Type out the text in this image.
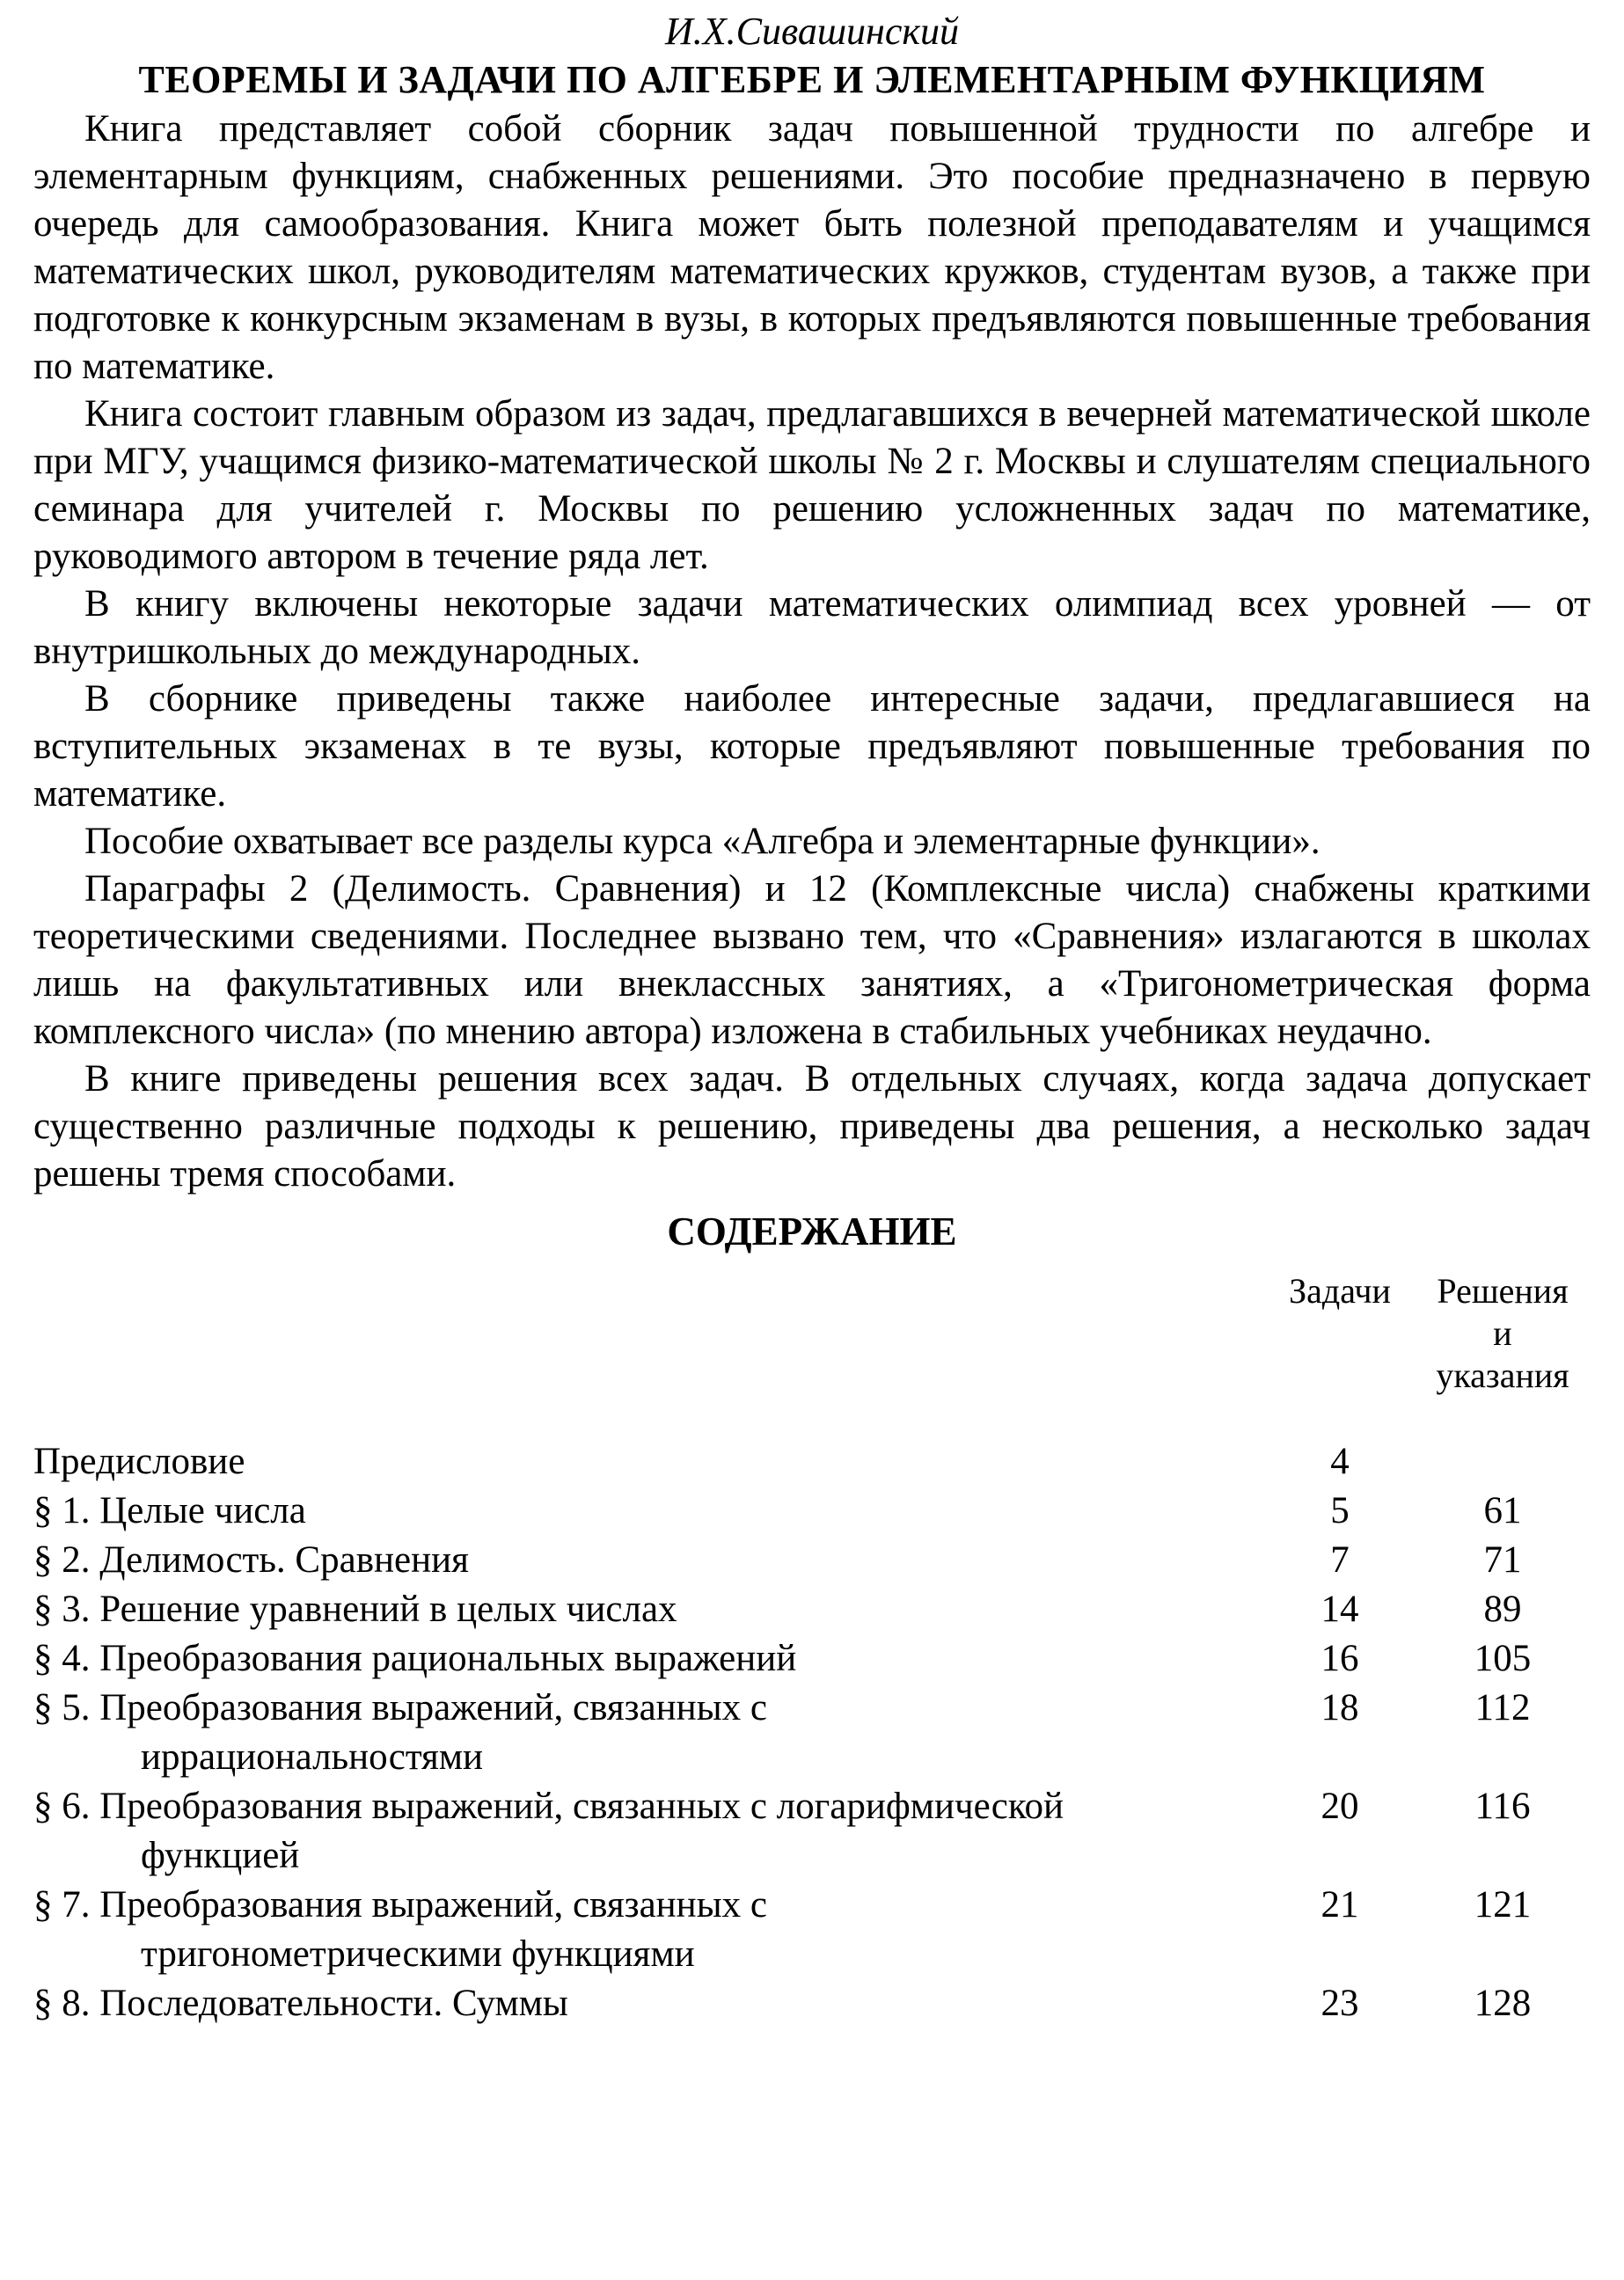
И.Х.Сивашинский
ТЕОРЕМЫ И ЗАДАЧИ ПО АЛГЕБРЕ И ЭЛЕМЕНТАРНЫМ ФУНКЦИЯМ

Книга представляет собой сборник задач повышенной трудности по алгебре и элементарным функциям, снабженных решениями. Это пособие предназначено в первую очередь для самообразования. Книга может быть полезной преподавателям и учащимся математических школ, руководителям математических кружков, студентам вузов, а также при подготовке к конкурсным экзаменам в вузы, в которых предъявляются повышенные требования по математике.

Книга состоит главным образом из задач, предлагавшихся в вечерней математической школе при МГУ, учащимся физико-математической школы № 2 г. Москвы и слушателям специального семинара для учителей г. Москвы по решению усложненных задач по математике, руководимого автором в течение ряда лет.

В книгу включены некоторые задачи математических олимпиад всех уровней — от внутришкольных до международных.

В сборнике приведены также наиболее интересные задачи, предлагавшиеся на вступительных экзаменах в те вузы, которые предъявляют повышенные требования по математике.

Пособие охватывает все разделы курса «Алгебра и элементарные функции».

Параграфы 2 (Делимость. Сравнения) и 12 (Комплексные числа) снабжены краткими теоретическими сведениями. Последнее вызвано тем, что «Сравнения» излагаются в школах лишь на факультативных или внеклассных занятиях, а «Тригонометрическая форма комплексного числа» (по мнению автора) изложена в стабильных учебниках неудачно.

В книге приведены решения всех задач. В отдельных случаях, когда задача допускает существенно различные подходы к решению, приведены два решения, а несколько задач решены тремя способами.

СОДЕРЖАНИЕ
Задачи	Решения
и
указания
Предисловие	4
§ 1. Целые числа	5	61
§ 2. Делимость. Сравнения	7	71
§ 3. Решение уравнений в целых числах	14	89
§ 4. Преобразования рациональных выражений	16	105
§ 5. Преобразования выражений, связанных с
иррациональностями
18	112
§ 6. Преобразования выражений, связанных с логарифмической
функцией
20	116
§ 7. Преобразования выражений, связанных с
тригонометрическими функциями
21	121
§ 8. Последовательности. Суммы	23	128
